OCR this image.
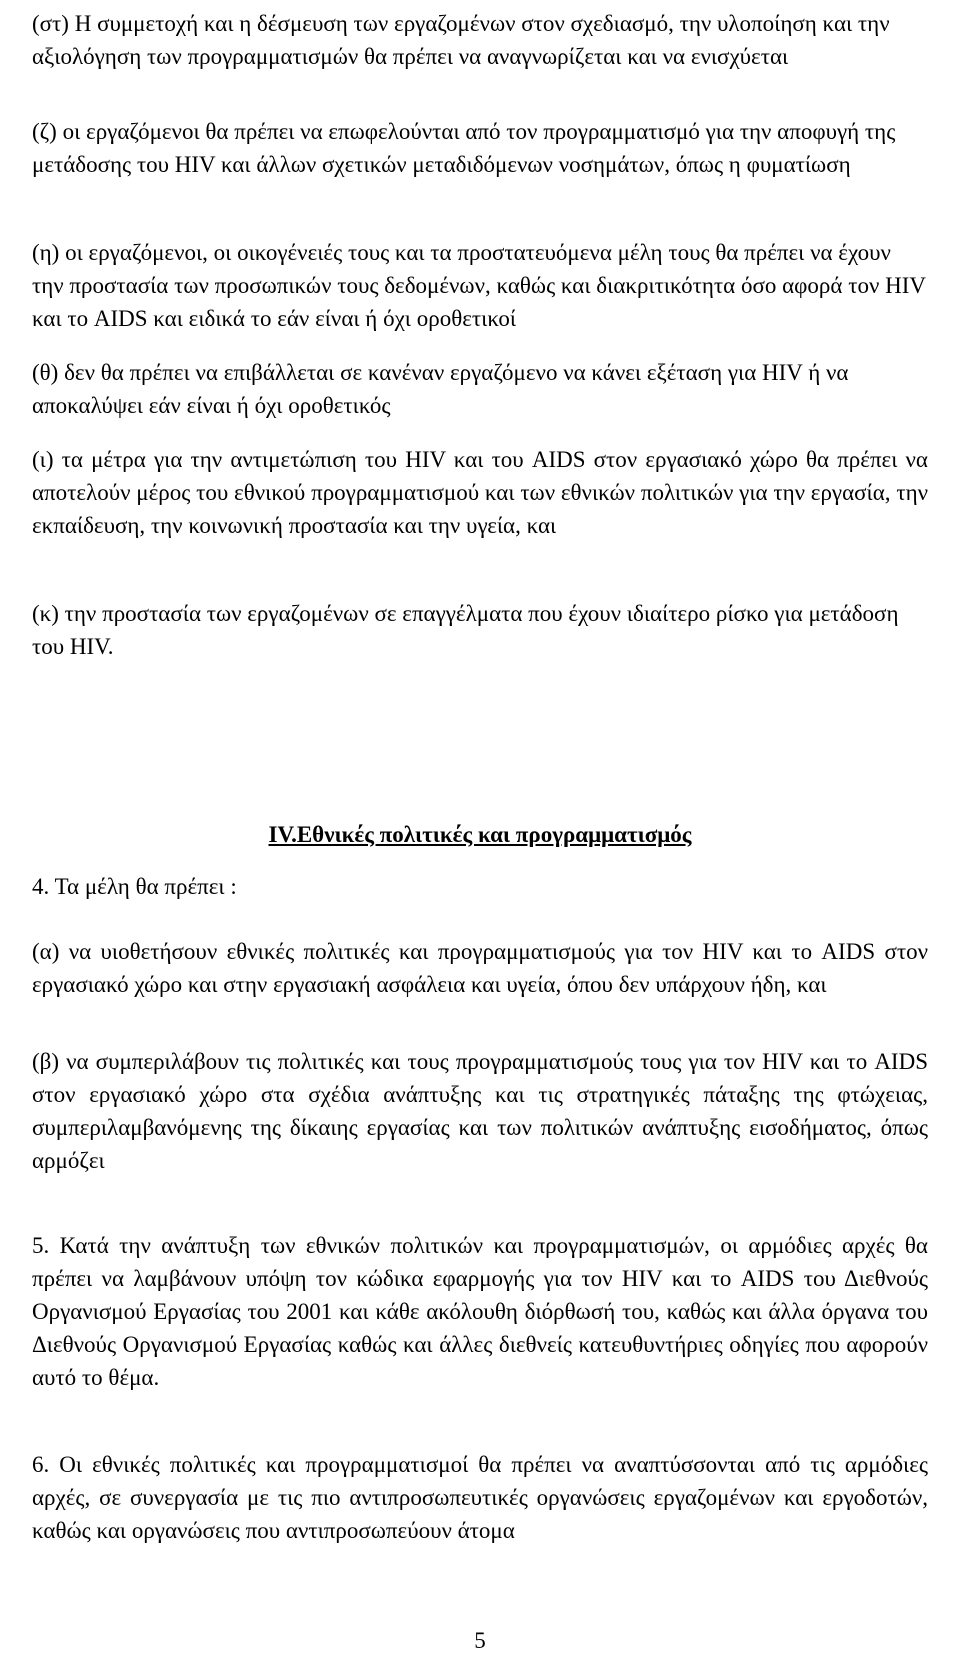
(στ) Η συμμετοχή και η δέσμευση των εργαζομένων στον σχεδιασμό, την υλοποίηση και την αξιολόγηση των προγραμματισμών θα πρέπει να αναγνωρίζεται και να ενισχύεται

(ζ) οι εργαζόμενοι θα πρέπει να επωφελούνται από τον προγραμματισμό για την αποφυγή της μετάδοσης του HIV και άλλων σχετικών μεταδιδόμενων νοσημάτων, όπως η φυματίωση

(η) οι εργαζόμενοι, οι οικογένειές τους και τα προστατευόμενα μέλη τους θα πρέπει να έχουν την προστασία των προσωπικών τους δεδομένων, καθώς και διακριτικότητα όσο αφορά τον HIV και το AIDS και ειδικά το εάν είναι ή όχι οροθετικοί

(θ) δεν θα πρέπει να επιβάλλεται σε κανέναν εργαζόμενο να κάνει εξέταση για HIV ή να αποκαλύψει εάν είναι ή όχι οροθετικός

(ι) τα μέτρα για την αντιμετώπιση του HIV και του AIDS στον εργασιακό χώρο θα πρέπει να αποτελούν μέρος του εθνικού προγραμματισμού και των εθνικών πολιτικών για την εργασία, την εκπαίδευση, την κοινωνική προστασία και την υγεία, και

(κ) την προστασία των εργαζομένων σε επαγγέλματα που έχουν ιδιαίτερο ρίσκο για μετάδοση του HIV.

IV.Εθνικές πολιτικές και προγραμματισμός

4. Τα μέλη θα πρέπει :

(α) να υιοθετήσουν εθνικές πολιτικές και προγραμματισμούς για τον HIV και το AIDS στον εργασιακό χώρο και στην εργασιακή ασφάλεια και υγεία, όπου δεν υπάρχουν ήδη, και

(β) να συμπεριλάβουν τις πολιτικές και τους προγραμματισμούς τους για τον HIV και το AIDS στον εργασιακό χώρο στα σχέδια ανάπτυξης και τις στρατηγικές πάταξης της φτώχειας, συμπεριλαμβανόμενης της δίκαιης εργασίας και των πολιτικών ανάπτυξης εισοδήματος, όπως αρμόζει

5. Κατά την ανάπτυξη των εθνικών πολιτικών και προγραμματισμών, οι αρμόδιες αρχές θα πρέπει να λαμβάνουν υπόψη τον κώδικα εφαρμογής για τον HIV και το AIDS του Διεθνούς Οργανισμού Εργασίας του 2001 και κάθε ακόλουθη διόρθωσή του, καθώς και άλλα όργανα του Διεθνούς Οργανισμού Εργασίας καθώς και άλλες διεθνείς κατευθυντήριες οδηγίες που αφορούν αυτό το θέμα.

6. Οι εθνικές πολιτικές και προγραμματισμοί θα πρέπει να αναπτύσσονται από τις αρμόδιες αρχές, σε συνεργασία με τις πιο αντιπροσωπευτικές οργανώσεις εργαζομένων και εργοδοτών, καθώς και οργανώσεις που αντιπροσωπεύουν άτομα

5
